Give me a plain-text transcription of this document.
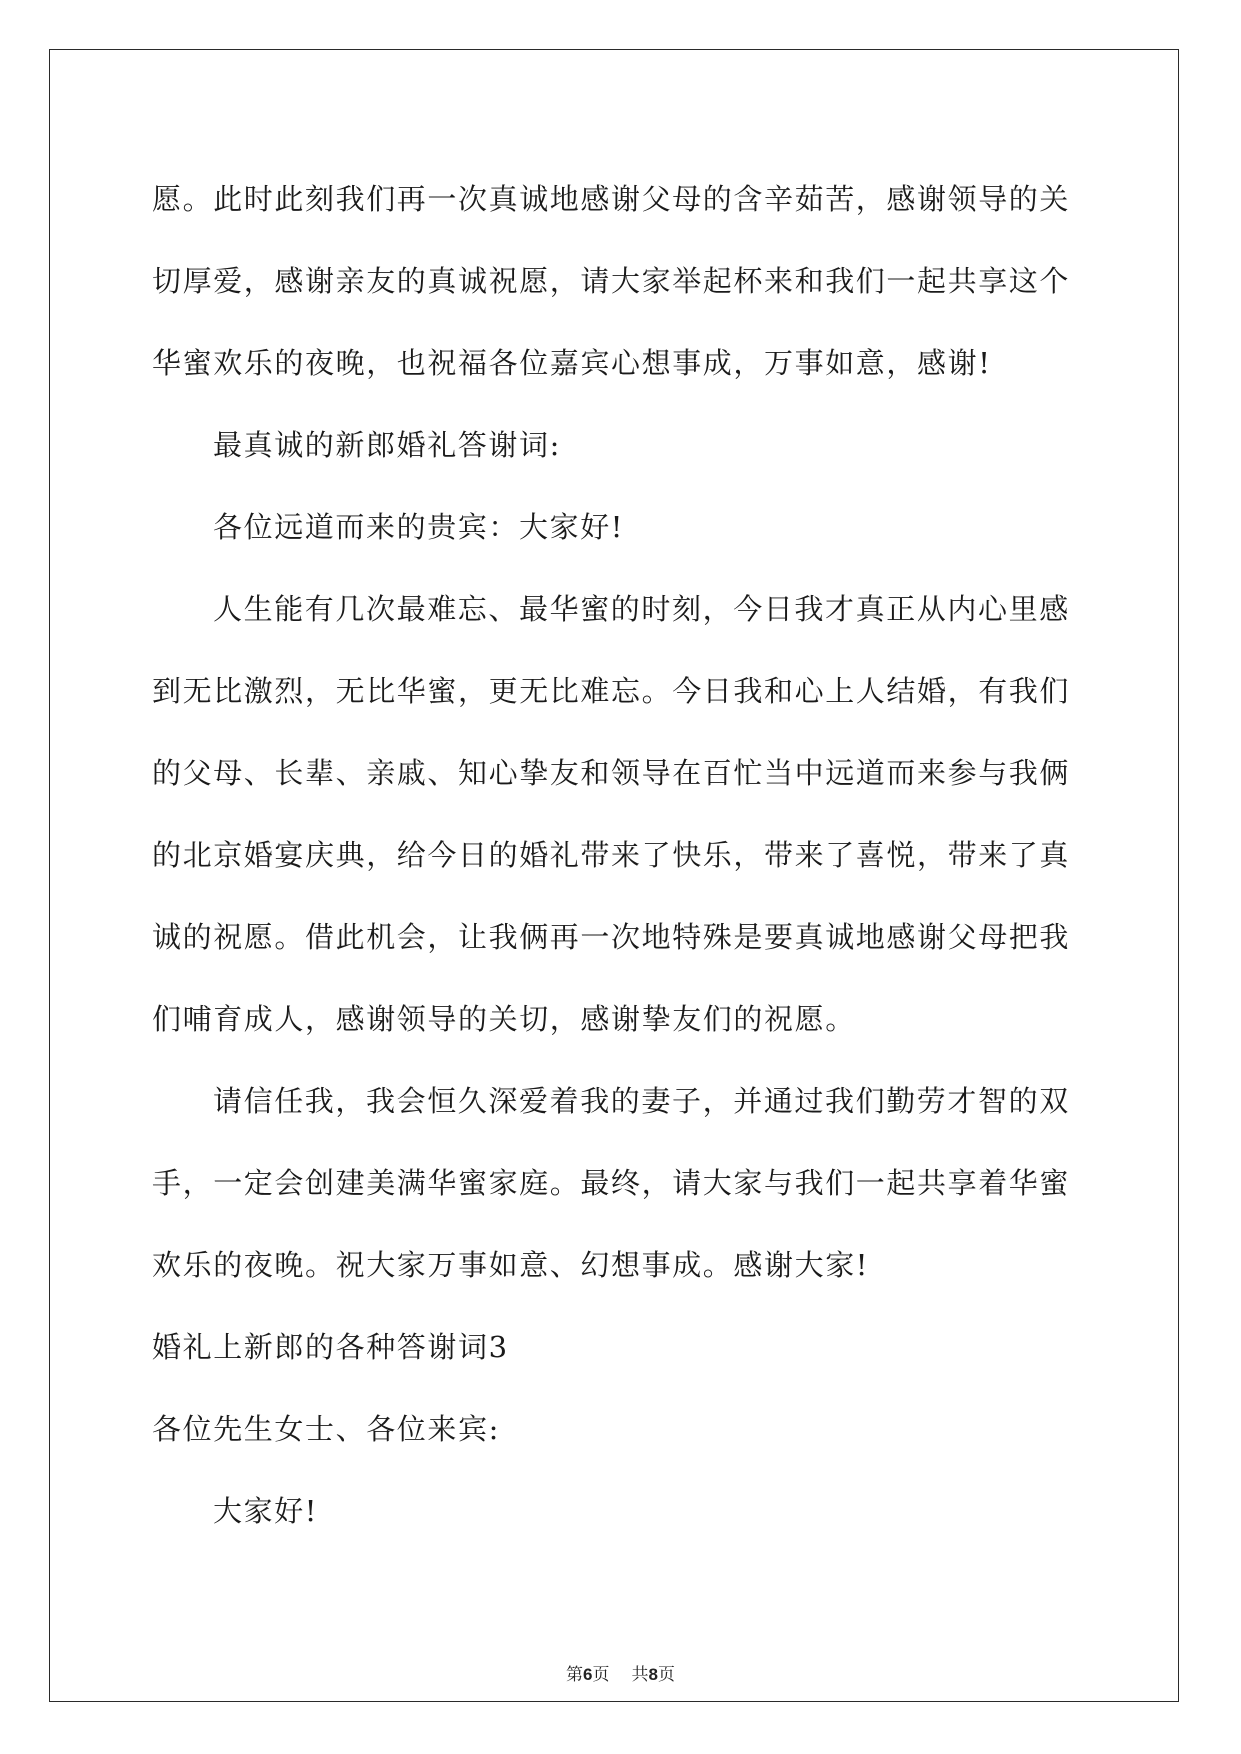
愿。此时此刻我们再一次真诚地感谢父母的含辛茹苦，感谢领导的关
切厚爱，感谢亲友的真诚祝愿，请大家举起杯来和我们一起共享这个
华蜜欢乐的夜晚，也祝福各位嘉宾心想事成，万事如意，感谢!
最真诚的新郎婚礼答谢词:
各位远道而来的贵宾：大家好!
人生能有几次最难忘、最华蜜的时刻，今日我才真正从内心里感
到无比激烈，无比华蜜，更无比难忘。今日我和心上人结婚，有我们
的父母、长辈、亲戚、知心挚友和领导在百忙当中远道而来参与我俩
的北京婚宴庆典，给今日的婚礼带来了快乐，带来了喜悦，带来了真
诚的祝愿。借此机会，让我俩再一次地特殊是要真诚地感谢父母把我
们哺育成人，感谢领导的关切，感谢挚友们的祝愿。
请信任我，我会恒久深爱着我的妻子，并通过我们勤劳才智的双
手，一定会创建美满华蜜家庭。最终，请大家与我们一起共享着华蜜
欢乐的夜晚。祝大家万事如意、幻想事成。感谢大家!
婚礼上新郎的各种答谢词3
各位先生女士、各位来宾:
大家好!
第6页 共8页
